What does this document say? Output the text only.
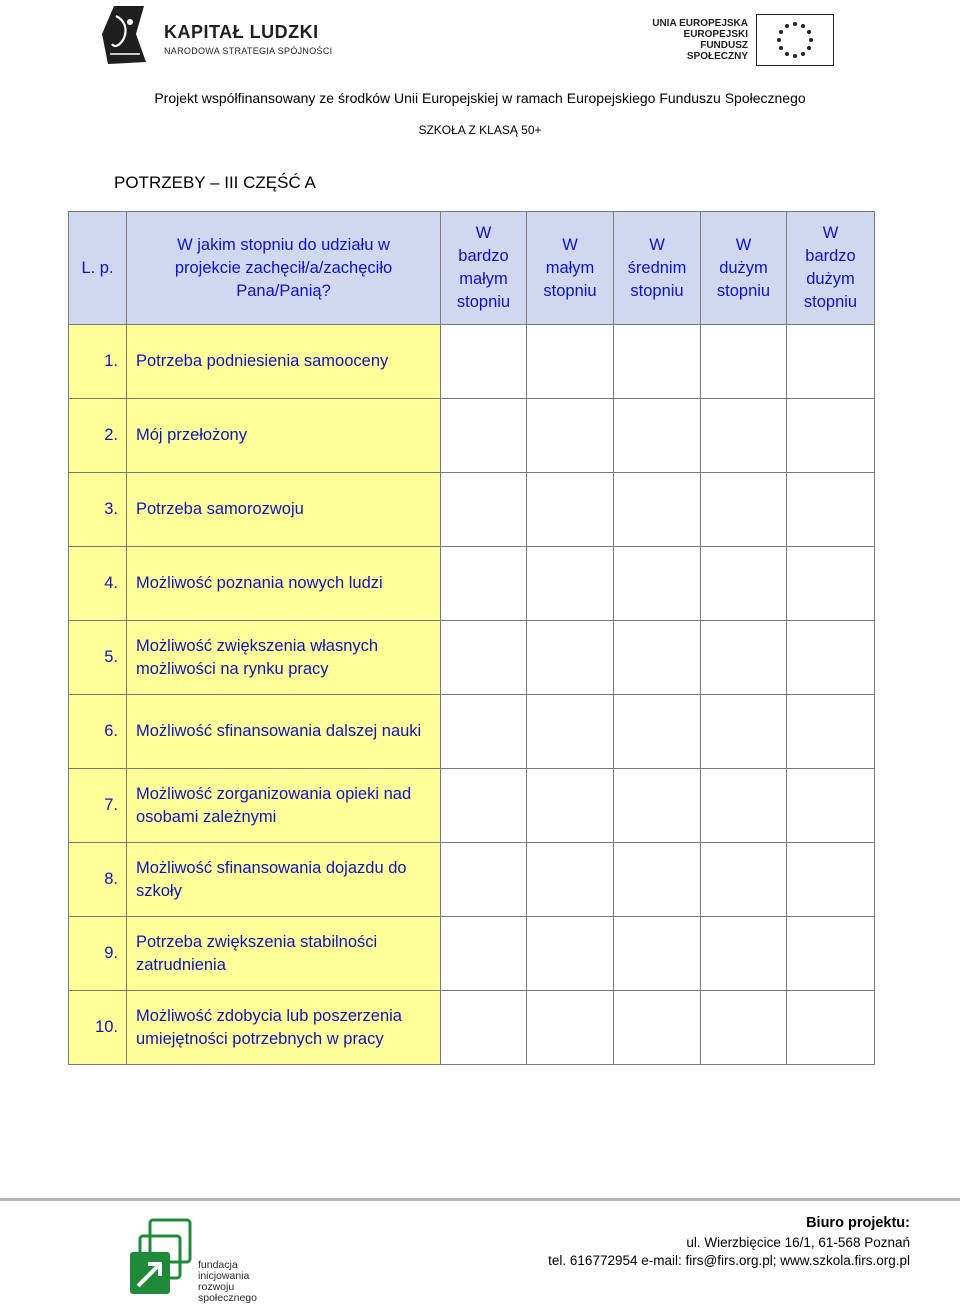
KAPITAŁ LUDZKI
NARODOWA STRATEGIA SPÓJNOŚCI
UNIA EUROPEJSKA
EUROPEJSKI
FUNDUSZ SPOŁECZNY
Projekt współfinansowany ze środków Unii Europejskiej w ramach Europejskiego Funduszu Społecznego
SZKOŁA Z KLASĄ 50+
POTRZEBY – III CZĘŚĆ A
L. p.	W jakim stopniu do udziału w projekcie zachęcił/a/zachęciło Pana/Panią?	W
bardzo
małym
stopniu	W
małym
stopniu	W
średnim
stopniu	W
dużym
stopniu	W
bardzo
dużym
stopniu
1.	Potrzeba podniesienia samooceny					
2.	Mój przełożony					
3.	Potrzeba samorozwoju					
4.	Możliwość poznania nowych ludzi					
5.	Możliwość zwiększenia własnych możliwości na rynku pracy					
6.	Możliwość sfinansowania dalszej nauki					
7.	Możliwość zorganizowania opieki nad osobami zależnymi					
8.	Możliwość sfinansowania dojazdu do szkoły					
9.	Potrzeba zwiększenia stabilności zatrudnienia					
10.	Możliwość zdobycia lub poszerzenia umiejętności potrzebnych w pracy					
fundacja inicjowania
rozwoju społecznego
Biuro projektu:
ul. Wierzbięcice 16/1, 61-568 Poznań
tel. 616772954 e-mail: firs@firs.org.pl; www.szkola.firs.org.pl
